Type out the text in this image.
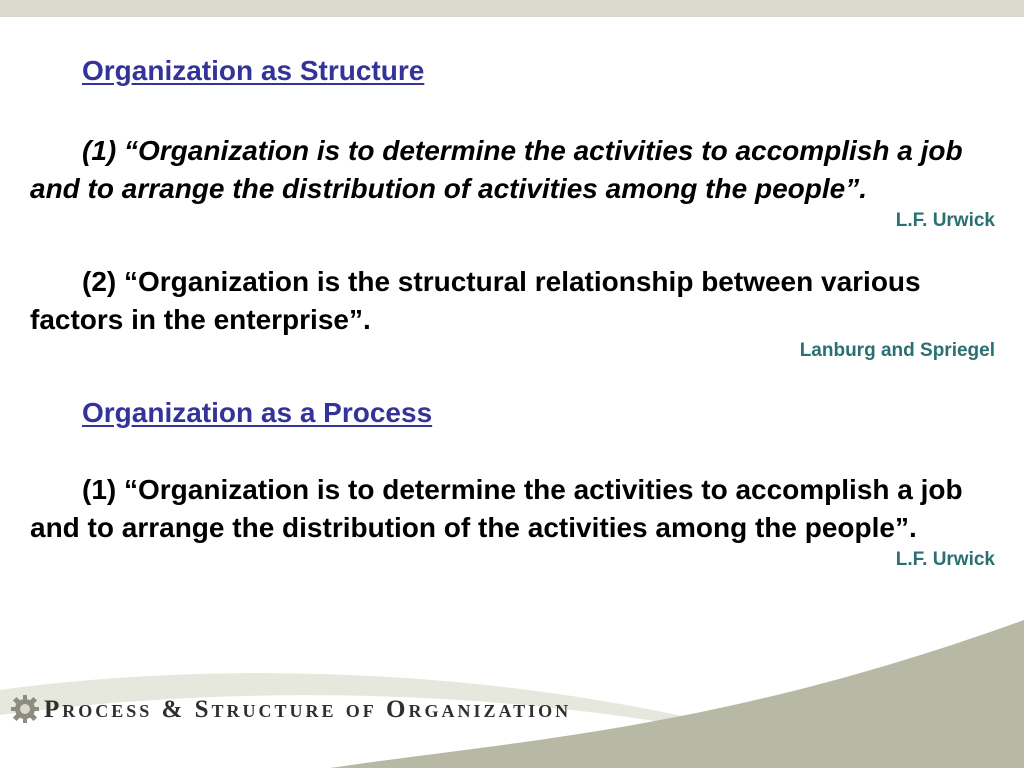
Organization as Structure

(1) “Organization is to determine the activities to accomplish a job and to arrange the distribution of activities among the people”.

L.F. Urwick

(2) “Organization is the structural relationship between various factors in the enterprise”.

Lanburg and Spriegel

Organization as a Process

(1) “Organization is to determine the activities to accomplish a job and to arrange the distribution of the activities among the people”.

L.F. Urwick

Process & Structure of Organization
